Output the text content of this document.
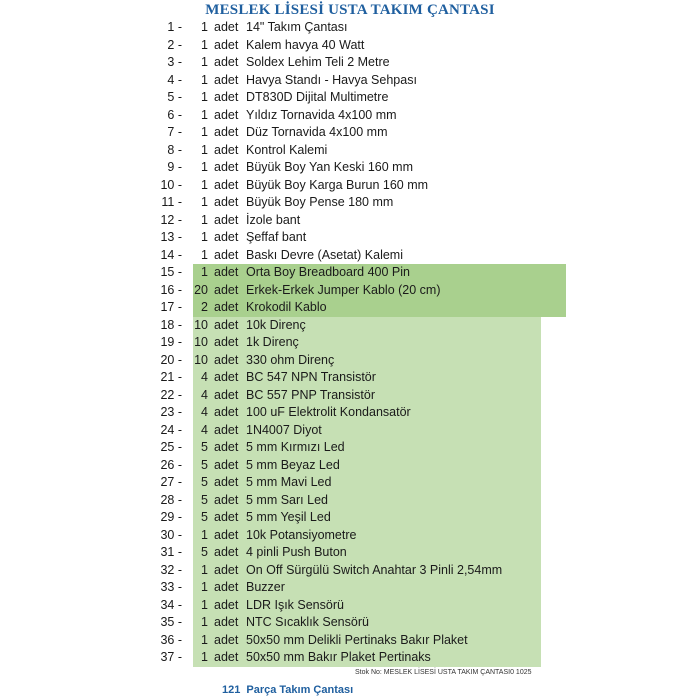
MESLEK LİSESİ USTA TAKIM ÇANTASI
1 -	1 adet 14" Takım Çantası
2 -	1 adet Kalem havya 40 Watt
3 -	1 adet Soldex Lehim Teli 2 Metre
4 -	1 adet Havya Standı - Havya Sehpası
5 -	1 adet DT830D Dijital Multimetre
6 -	1 adet Yıldız Tornavida 4x100 mm
7 -	1 adet Düz Tornavida 4x100 mm
8 -	1 adet Kontrol Kalemi
9 -	1 adet Büyük Boy Yan Keski 160 mm
10 -	1 adet Büyük Boy Karga Burun 160 mm
11 -	1 adet Büyük Boy Pense 180 mm
12 -	1 adet İzole bant
13 -	1 adet Şeffaf bant
14 -	1 adet Baskı Devre (Asetat) Kalemi
15 -	1 adet Orta Boy Breadboard 400 Pin
16 - 20 adet Erkek-Erkek Jumper Kablo (20 cm)
17 -	2 adet Krokodil Kablo
18 - 10 adet 10k Direnç
19 - 10 adet 1k Direnç
20 - 10 adet 330 ohm Direnç
21 -	4 adet BC 547 NPN Transistör
22 -	4 adet BC 557 PNP Transistör
23 -	4 adet 100 uF Elektrolit Kondansatör
24 -	4 adet 1N4007 Diyot
25 -	5 adet 5 mm Kırmızı Led
26 -	5 adet 5 mm Beyaz Led
27 -	5 adet 5 mm Mavi Led
28 -	5 adet 5 mm Sarı Led
29 -	5 adet 5 mm Yeşil Led
30 -	1 adet 10k Potansiyometre
31 -	5 adet 4 pinli Push Buton
32 -	1 adet On Off Sürgülü Switch Anahtar 3 Pinli 2,54mm
33 -	1 adet Buzzer
34 -	1 adet LDR Işık Sensörü
35 -	1 adet NTC Sıcaklık Sensörü
36 -	1 adet 50x50 mm Delikli Pertinaks Bakır Plaket
37 -	1 adet 50x50 mm Bakır Plaket Pertinaks
Stok No: MESLEK LİSESİ USTA TAKIM ÇANTASI0 1025
121 Parça Takım Çantası
